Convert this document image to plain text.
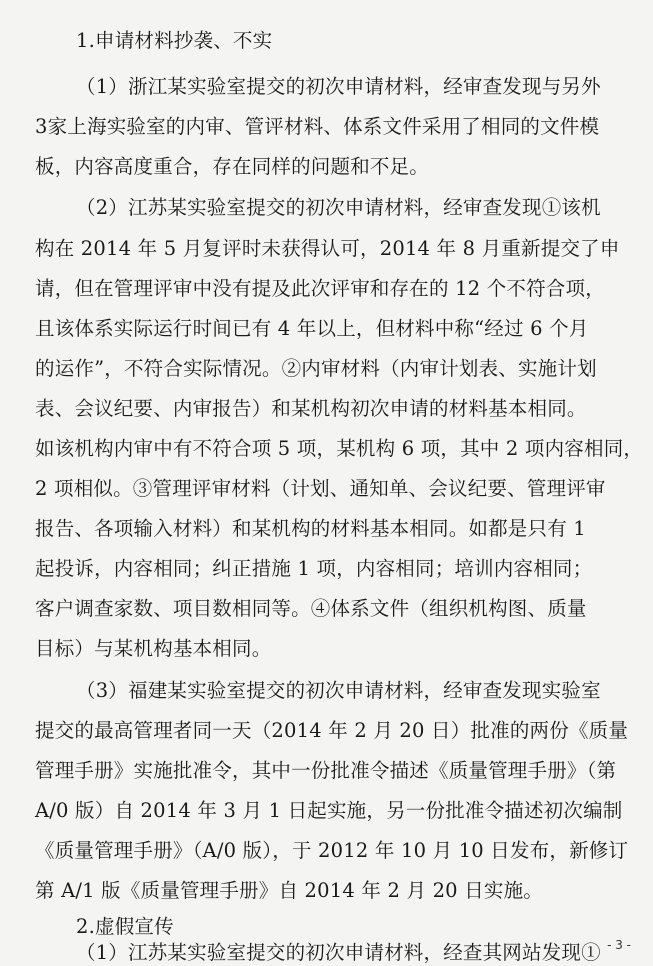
1.申请材料抄袭、不实
（1）浙江某实验室提交的初次申请材料，经审查发现与另外
3家上海实验室的内审、管评材料、体系文件采用了相同的文件模
板，内容高度重合，存在同样的问题和不足。
（2）江苏某实验室提交的初次申请材料，经审查发现①该机
构在 2014 年 5 月复评时未获得认可，2014 年 8 月重新提交了申
请，但在管理评审中没有提及此次评审和存在的 12 个不符合项，
且该体系实际运行时间已有 4 年以上，但材料中称“经过 6 个月
的运作”，不符合实际情况。②内审材料（内审计划表、实施计划
表、会议纪要、内审报告）和某机构初次申请的材料基本相同。
如该机构内审中有不符合项 5 项，某机构 6 项，其中 2 项内容相同，
2 项相似。③管理评审材料（计划、通知单、会议纪要、管理评审
报告、各项输入材料）和某机构的材料基本相同。如都是只有 1
起投诉，内容相同；纠正措施 1 项，内容相同；培训内容相同；
客户调查家数、项目数相同等。④体系文件（组织机构图、质量
目标）与某机构基本相同。
（3）福建某实验室提交的初次申请材料，经审查发现实验室
提交的最高管理者同一天（2014 年 2 月 20 日）批准的两份《质量
管理手册》实施批准令，其中一份批准令描述《质量管理手册》（第
A/0 版）自 2014 年 3 月 1 日起实施，另一份批准令描述初次编制
《质量管理手册》（A/0 版），于 2012 年 10 月 10 日发布，新修订
第 A/1 版《质量管理手册》自 2014 年 2 月 20 日实施。
2.虚假宣传
（1）江苏某实验室提交的初次申请材料，经查其网站发现① - 3 -
